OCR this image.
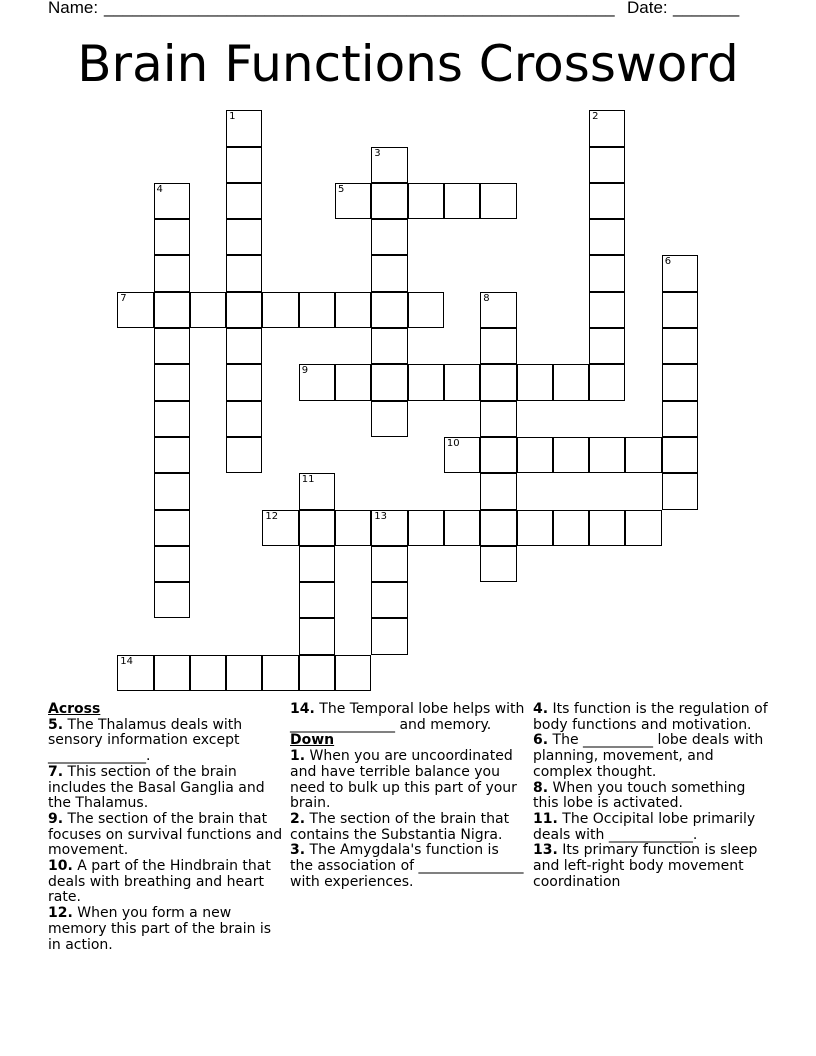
Name: ______________________________________________________ Date: _______
Brain Functions Crossword
5
7
9
10
12	13
14
1	2
3
4
6
8
11
Across
5. The Thalamus deals with sensory information except ______________.
7. This section of the brain includes the Basal Ganglia and the Thalamus.
9. The section of the brain that focuses on survival functions and movement.
10. A part of the Hindbrain that deals with breathing and heart rate.
12. When you form a new memory this part of the brain is in action.
14. The Temporal lobe helps with _______________ and memory.
Down
1. When you are uncoordinated and have terrible balance you need to bulk up this part of your brain.
2. The section of the brain that contains the Substantia Nigra.
3. The Amygdala's function is the association of _______________ with experiences.
4. Its function is the regulation of body functions and motivation.
6. The __________ lobe deals with planning, movement, and complex thought.
8. When you touch something this lobe is activated.
11. The Occipital lobe primarily deals with ____________.
13. Its primary function is sleep and left-right body movement coordination
